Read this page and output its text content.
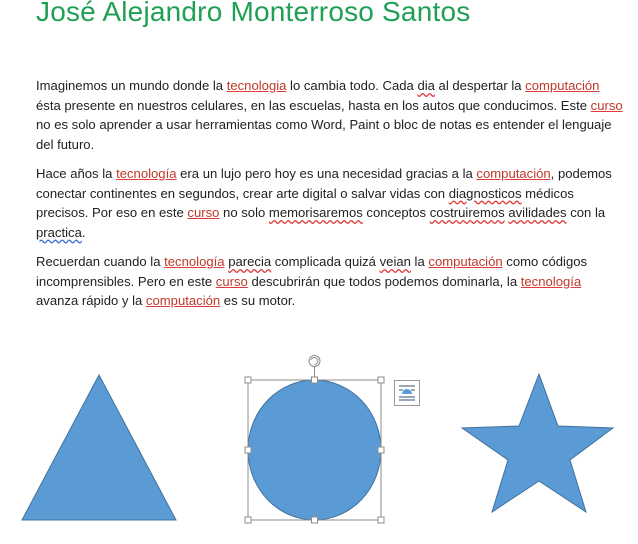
José Alejandro Monterroso Santos

Imaginemos un mundo donde la tecnologia lo cambia todo. Cada dia al despertar la computación ésta presente en nuestros celulares, en las escuelas, hasta en los autos que conducimos. Este curso no es solo aprender a usar herramientas como Word, Paint o bloc de notas es entender el lenguaje del futuro.

Hace años la tecnología era un lujo pero hoy es una necesidad gracias a la computación, podemos conectar continentes en segundos, crear arte digital o salvar vidas con diagnosticos médicos precisos. Por eso en este curso no solo memorisaremos conceptos costruiremos avilidades con la practica.

Recuerdan cuando la tecnología parecia complicada quizá veian la computación como códigos incomprensibles. Pero en este curso descubrirán que todos podemos dominarla, la tecnología avanza rápido y la computación es su motor.
